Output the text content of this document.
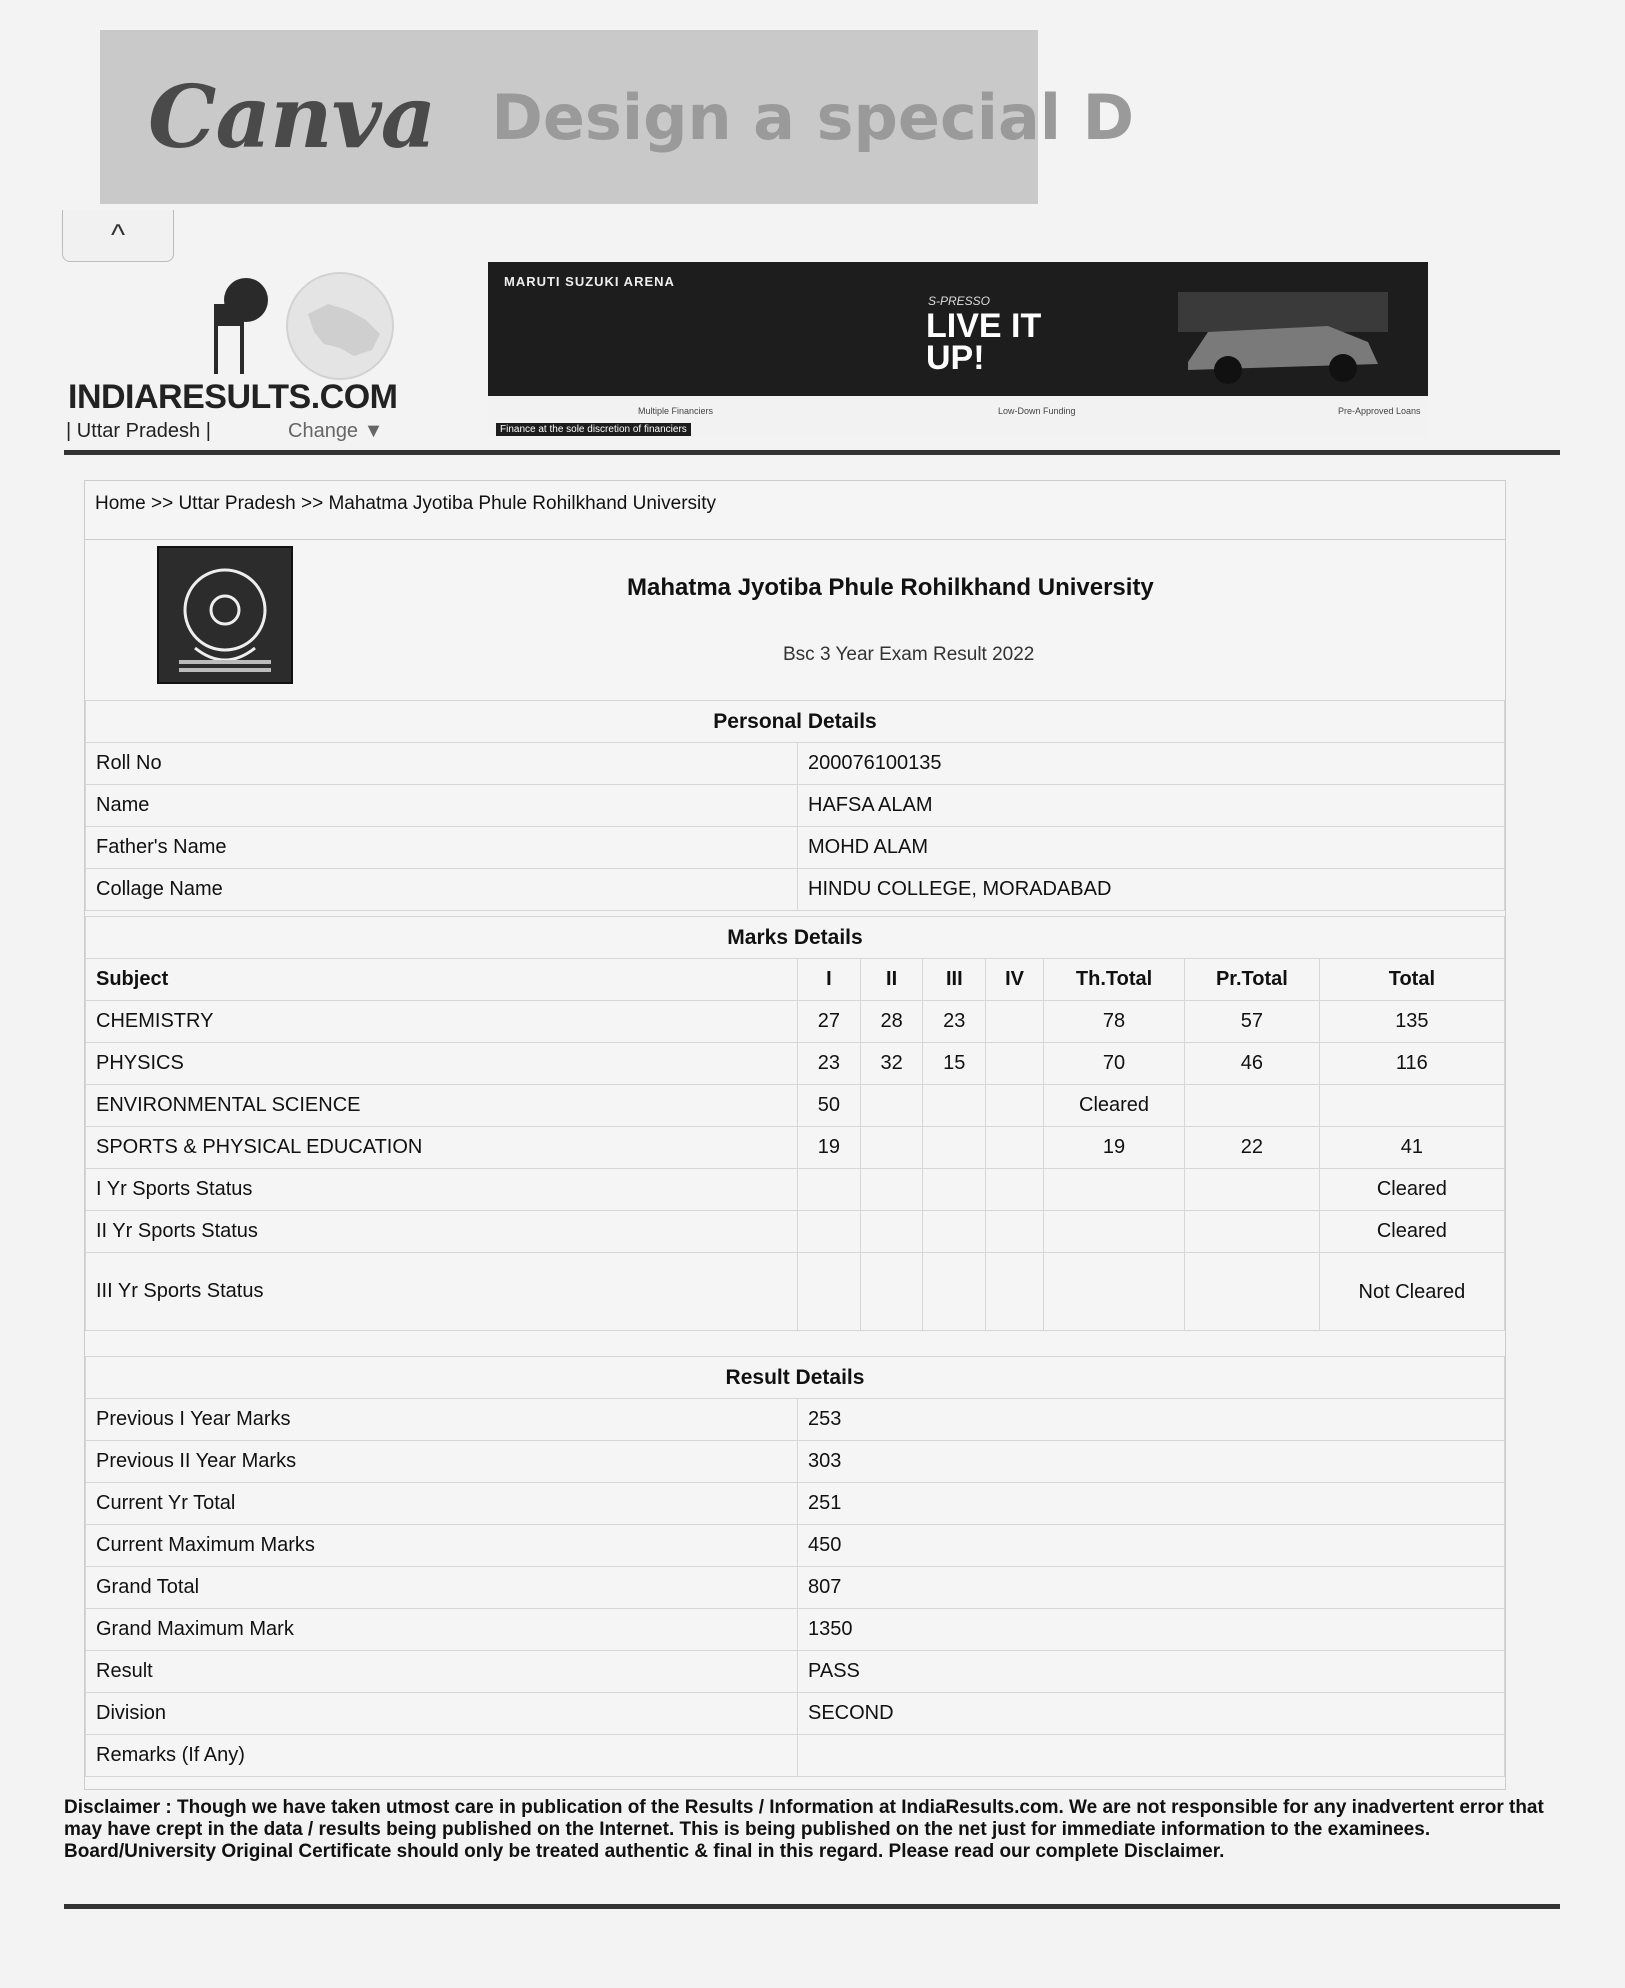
Canva Design a special D
^
INDIARESULTS.COM
| Uttar Pradesh |	Change ▼
MARUTI SUZUKI ARENA
S-PRESSO
LIVE IT UP!
Multiple Financiers	Low-Down Funding	Pre-Approved Loans
Finance at the sole discretion of financiers
Home >> Uttar Pradesh >> Mahatma Jyotiba Phule Rohilkhand University
Mahatma Jyotiba Phule Rohilkhand University
Bsc 3 Year Exam Result 2022
Personal Details	
Roll No	200076100135
Name	HAFSA ALAM
Father's Name	MOHD ALAM
Collage Name	HINDU COLLEGE, MORADABAD
Marks Details							
Subject	I	II	III	IV	Th.Total	Pr.Total	Total
CHEMISTRY	27	28	23		78	57	135
PHYSICS	23	32	15		70	46	116
ENVIRONMENTAL SCIENCE	50				Cleared		
SPORTS & PHYSICAL EDUCATION	19				19	22	41
I Yr Sports Status							Cleared
II Yr Sports Status							Cleared
III Yr Sports Status							Not Cleared
Result Details	
Previous I Year Marks	253
Previous II Year Marks	303
Current Yr Total	251
Current Maximum Marks	450
Grand Total	807
Grand Maximum Mark	1350
Result	PASS
Division	SECOND
Remarks (If Any)	
Disclaimer : Though we have taken utmost care in publication of the Results / Information at IndiaResults.com. We are not responsible for any inadvertent error that may have crept in the data / results being published on the Internet. This is being published on the net just for immediate information to the examinees. Board/University Original Certificate should only be treated authentic & final in this regard. Please read our complete Disclaimer.
